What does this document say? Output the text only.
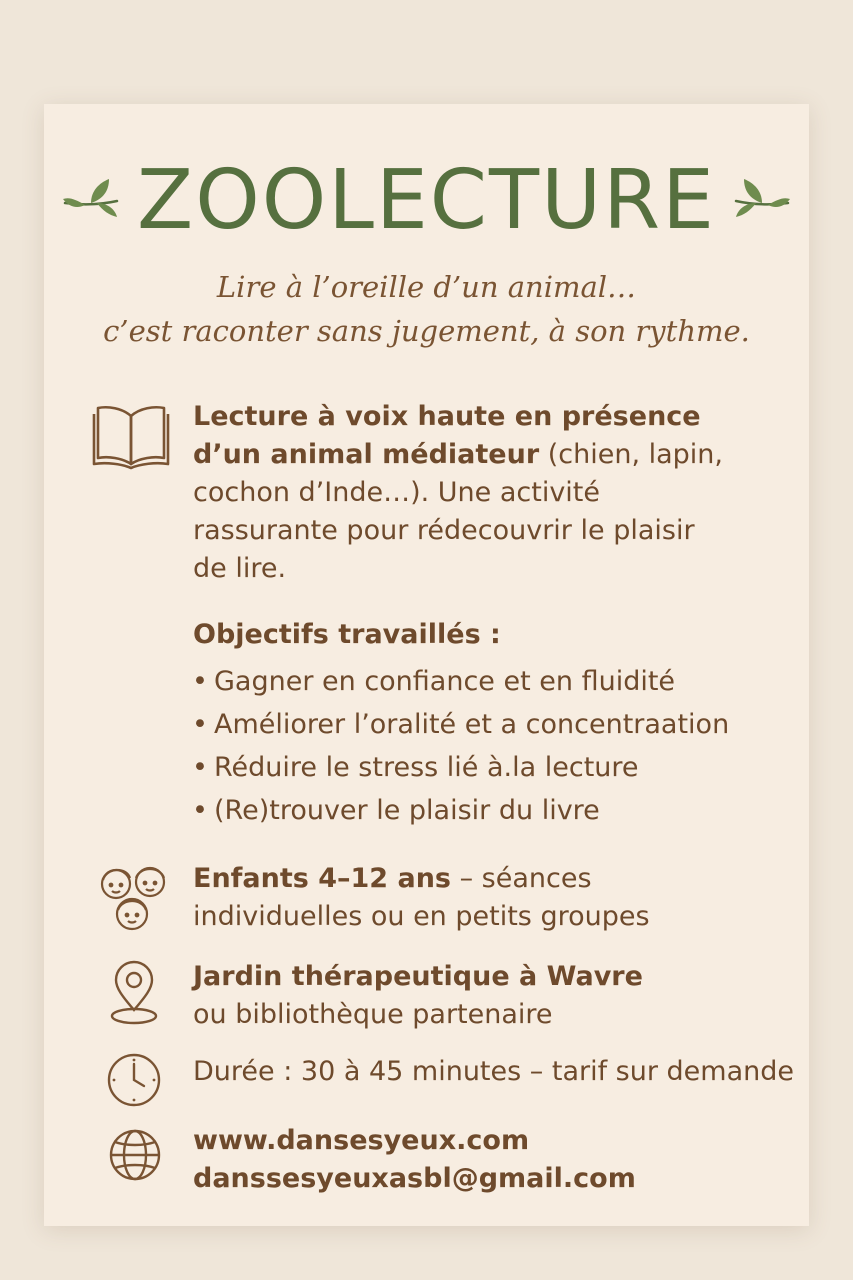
ZOOLECTURE
Lire à l’oreille d’un animal…
c’est raconter sans jugement, à son rythme.
Lecture à voix haute en présence
d’un animal médiateur (chien, lapin,
cochon d’Inde…). Une activité
rassurante pour rédecouvrir le plaisir
de lire.
Objectifs travaillés :
• Gagner en confiance et en fluidité
• Améliorer l’oralité et a concentraation
• Réduire le stress lié à.la lecture
• (Re)trouver le plaisir du livre
Enfants 4–12 ans – séances
individuelles ou en petits groupes
Jardin thérapeutique à Wavre
ou bibliothèque partenaire
Durée : 30 à 45 minutes – tarif sur demande
www.dansesyeux.com
danssesyeuxasbl@gmail.com
